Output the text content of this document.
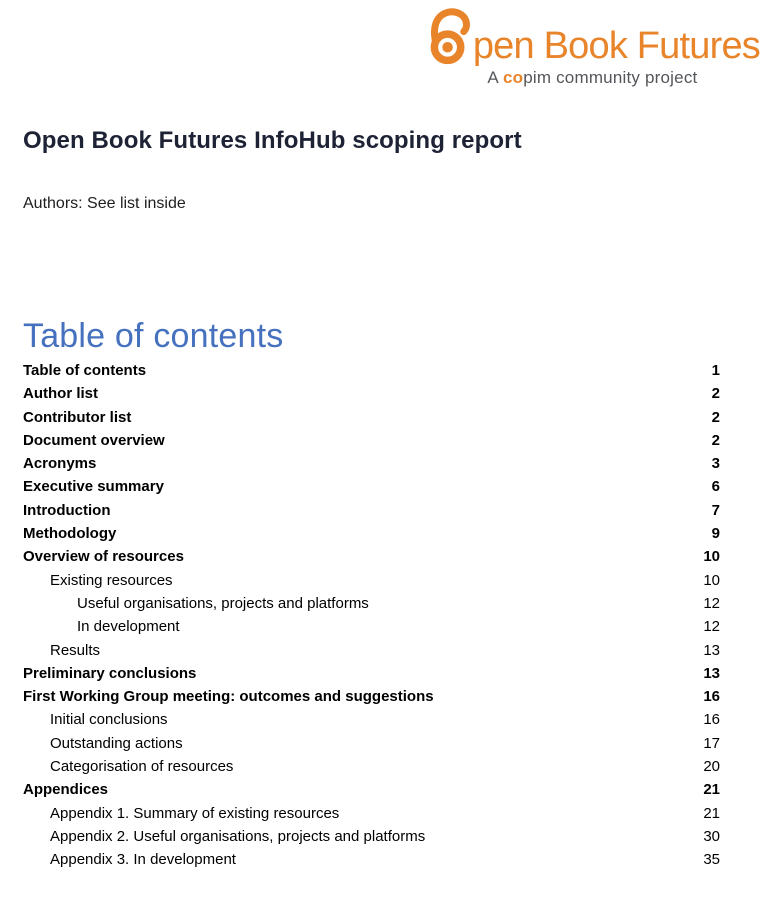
pen Book Futures
A copim community project
Open Book Futures InfoHub scoping report
Authors: See list inside
Table of contents
Table of contents	1
Author list	2
Contributor list	2
Document overview	2
Acronyms	3
Executive summary	6
Introduction	7
Methodology	9
Overview of resources	10
Existing resources	10
Useful organisations, projects and platforms	12
In development	12
Results	13
Preliminary conclusions	13
First Working Group meeting: outcomes and suggestions	16
Initial conclusions	16
Outstanding actions	17
Categorisation of resources	20
Appendices	21
Appendix 1. Summary of existing resources	21
Appendix 2. Useful organisations, projects and platforms	30
Appendix 3. In development	35
